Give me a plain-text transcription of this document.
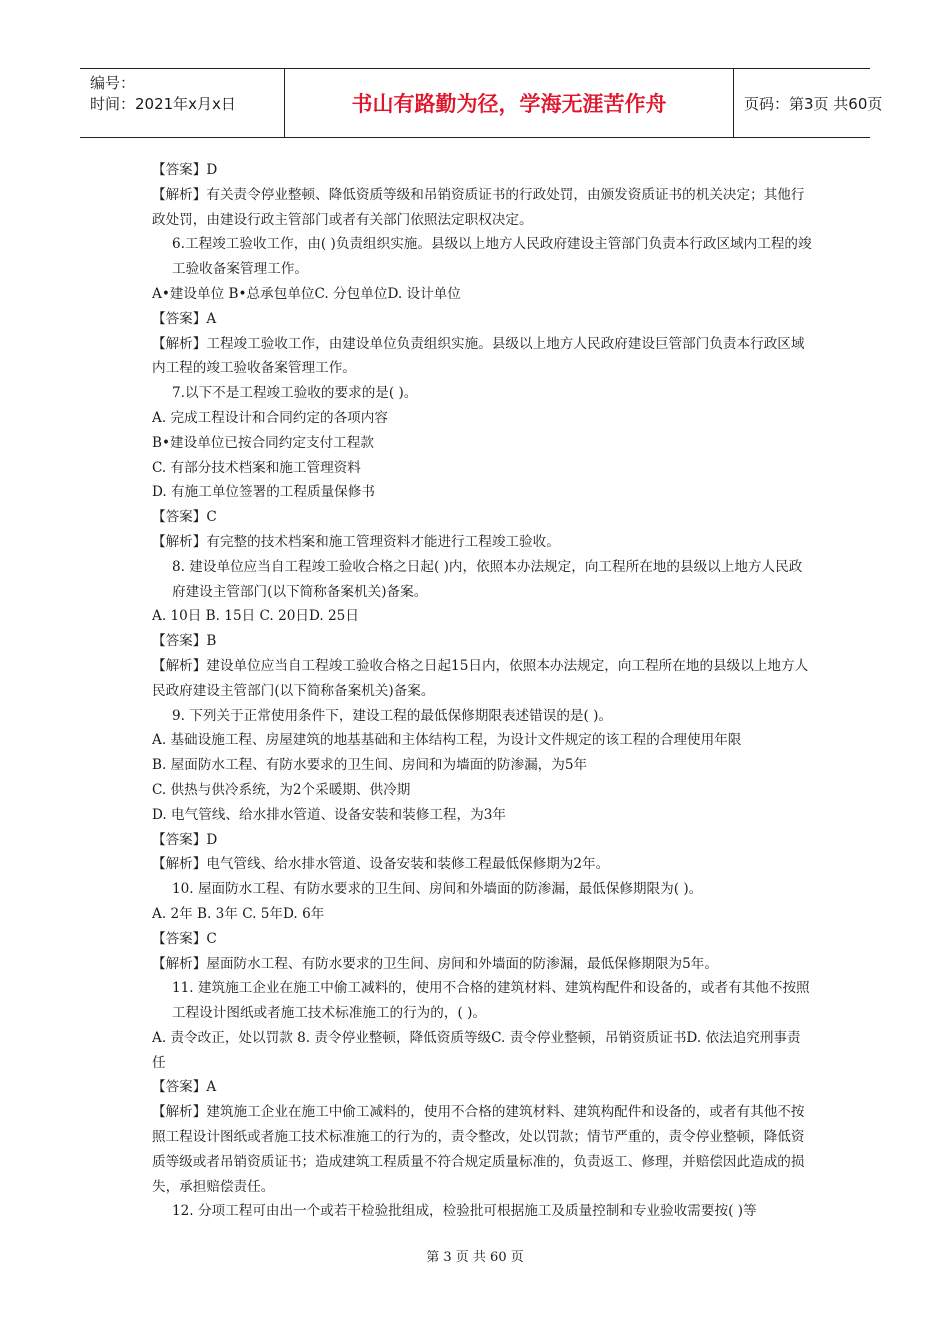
编号：
时间：2021年x月x日	书山有路勤为径，学海无涯苦作舟	页码：第3页 共60页

【答案】D

【解析】有关责令停业整顿、降低资质等级和吊销资质证书的行政处罚，由颁发资质证书的机关决定；其他行政处罚，由建设行政主管部门或者有关部门依照法定职权决定。

6.工程竣工验收工作，由( )负责组织实施。县级以上地方人民政府建设主管部门负责本行政区域内工程的竣工验收备案管理工作。

A•建设单位 B•总承包单位C. 分包单位D. 设计单位

【答案】A

【解析】工程竣工验收工作，由建设单位负责组织实施。县级以上地方人民政府建设巨管部门负责本行政区域内工程的竣工验收备案管理工作。

7.以下不是工程竣工验收的要求的是( )。

A. 完成工程设计和合同约定的各项内容

B•建设单位已按合同约定支付工程款

C. 有部分技术档案和施工管理资料

D. 有施工单位签署的工程质量保修书

【答案】C

【解析】有完整的技术档案和施工管理资料才能进行工程竣工验收。

8. 建设单位应当自工程竣工验收合格之日起( )内，依照本办法规定，向工程所在地的县级以上地方人民政府建设主管部门(以下简称备案机关)备案。

A. 10日 B. 15日 C. 20日D. 25日

【答案】B

【解析】建设单位应当自工程竣工验收合格之日起15日内，依照本办法规定，向工程所在地的县级以上地方人民政府建设主管部门(以下简称备案机关)备案。

9. 下列关于正常使用条件下，建设工程的最低保修期限表述错误的是( )。

A. 基础设施工程、房屋建筑的地基基础和主体结构工程，为设计文件规定的该工程的合理使用年限

B. 屋面防水工程、有防水要求的卫生间、房间和为墙面的防渗漏，为5年

C. 供热与供冷系统，为2个采暖期、供冷期

D. 电气管线、给水排水管道、设备安装和装修工程，为3年

【答案】D

【解析】电气管线、给水排水管道、设备安装和装修工程最低保修期为2年。

10. 屋面防水工程、有防水要求的卫生间、房间和外墙面的防渗漏，最低保修期限为( )。

A. 2年 B. 3年 C. 5年D. 6年

【答案】C

【解析】屋面防水工程、有防水要求的卫生间、房间和外墙面的防渗漏，最低保修期限为5年。

11. 建筑施工企业在施工中偷工减料的，使用不合格的建筑材料、建筑构配件和设备的，或者有其他不按照工程设计图纸或者施工技术标准施工的行为的，( )。

A. 责令改正，处以罚款 8. 责令停业整顿，降低资质等级C. 责令停业整顿，吊销资质证书D. 依法追究刑事责任

【答案】A

【解析】建筑施工企业在施工中偷工减料的，使用不合格的建筑材料、建筑构配件和设备的，或者有其他不按照工程设计图纸或者施工技术标准施工的行为的，责令整改，处以罚款；情节严重的，责令停业整顿，降低资质等级或者吊销资质证书；造成建筑工程质量不符合规定质量标准的，负责返工、修理，并赔偿因此造成的损失，承担赔偿责任。

12. 分项工程可由出一个或若干检验批组成，检验批可根据施工及质量控制和专业验收需要按( )等

第 3 页 共 60 页
